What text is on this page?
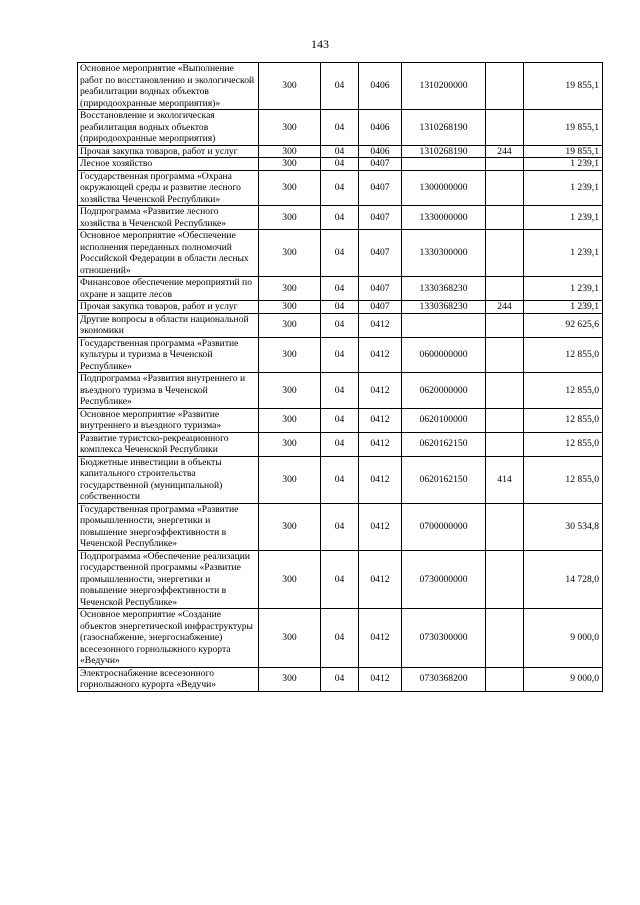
143
Основное мероприятие «Выполнение работ по восстановлению и экологической реабилитации водных объектов (природоохранные мероприятия)»	300	04	0406	1310200000		19 855,1
Восстановление и экологическая реабилитация водных объектов (природоохранные мероприятия)	300	04	0406	1310268190		19 855,1
Прочая закупка товаров, работ и услуг	300	04	0406	1310268190	244	19 855,1
Лесное хозяйство	300	04	0407			1 239,1
Государственная программа «Охрана окружающей среды и развитие лесного хозяйства Чеченской Республики»	300	04	0407	1300000000		1 239,1
Подпрограмма «Развитие лесного хозяйства в Чеченской Республике»	300	04	0407	1330000000		1 239,1
Основное мероприятие «Обеспечение исполнения переданных полномочий Российской Федерации в области лесных отношений»	300	04	0407	1330300000		1 239,1
Финансовое обеспечение мероприятий по охране и защите лесов	300	04	0407	1330368230		1 239,1
Прочая закупка товаров, работ и услуг	300	04	0407	1330368230	244	1 239,1
Другие вопросы в области национальной экономики	300	04	0412			92 625,6
Государственная программа «Развитие культуры и туризма в Чеченской Республике»	300	04	0412	0600000000		12 855,0
Подпрограмма «Развития внутреннего и въездного туризма в Чеченской Республике»	300	04	0412	0620000000		12 855,0
Основное мероприятие «Развитие внутреннего и въездного туризма»	300	04	0412	0620100000		12 855,0
Развитие туристско-рекреационного комплекса Чеченской Республики	300	04	0412	0620162150		12 855,0
Бюджетные инвестиции в объекты капитального строительства государственной (муниципальной) собственности	300	04	0412	0620162150	414	12 855,0
Государственная программа «Развитие промышленности, энергетики и повышение энергоэффективности в Чеченской Республике»	300	04	0412	0700000000		30 534,8
Подпрограмма «Обеспечение реализации государственной программы «Развитие промышленности, энергетики и повышение энергоэффективности в Чеченской Республике»	300	04	0412	0730000000		14 728,0
Основное мероприятие «Создание объектов энергетической инфраструктуры (газоснабжение, энергоснабжение) всесезонного горнолыжного курорта «Ведучи»	300	04	0412	0730300000		9 000,0
Электроснабжение всесезонного горнолыжного курорта «Ведучи»	300	04	0412	0730368200		9 000,0
